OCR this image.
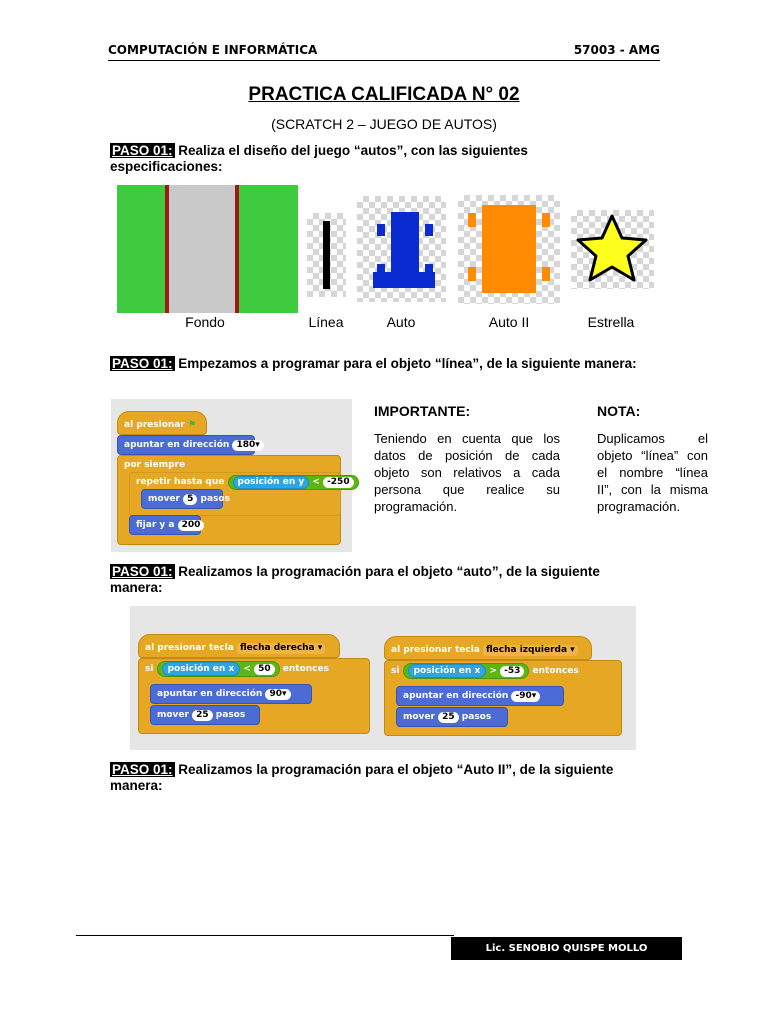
COMPUTACIÓN E INFORMÁTICA	57003 - AMG
PRACTICA CALIFICADA N° 02
(SCRATCH 2 – JUEGO DE AUTOS)
PASO 01: Realiza el diseño del juego “autos”, con las siguientes especificaciones:
Fondo	Línea	Auto	Auto II	Estrella
PASO 01: Empezamos a programar para el objeto “línea”, de la siguiente manera:
al presionar ⚑
apuntar en dirección 180▾
por siempre
repetir hasta que posición en y < -250
mover 5 pasos
fijar y a 200
IMPORTANTE:
Teniendo en cuenta que los datos de posición de cada objeto son relativos a cada persona que realice su programación.
NOTA:
Duplicamos el objeto “línea” con el nombre “línea II”, con la misma programación.
PASO 01: Realizamos la programación para el objeto “auto”, de la siguiente manera:
al presionar tecla flecha derecha ▾
si posición en x < 50 entonces
apuntar en dirección 90▾
mover 25 pasos
al presionar tecla flecha izquierda ▾
si posición en x > -53 entonces
apuntar en dirección -90▾
mover 25 pasos
PASO 01: Realizamos la programación para el objeto “Auto II”, de la siguiente manera:
Lic. SENOBIO QUISPE MOLLO
